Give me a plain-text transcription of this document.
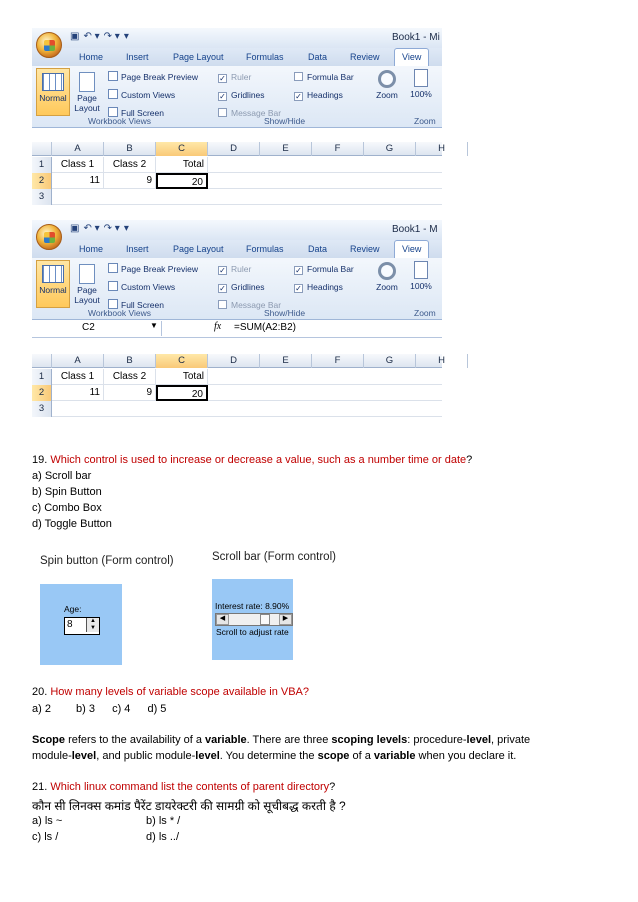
▣ ↶ ▾ ↷ ▾ ▾	Book1 - Mi
Home	Insert	Page Layout Formulas	Data	Review	View
Normal	Page
Layout
Page Break Preview
Custom Views
Full Screen
Workbook Views
✓ Ruler
✓ Gridlines
Message Bar
Formula Bar
✓ Headings
Show/Hide
Zoom	100%
Zoom
A	B	C	D	E	F	G	H
1	Class 1	Class 2	Total
2	11	9	20
3
▣ ↶ ▾ ↷ ▾ ▾	Book1 - M
Home	Insert	Page Layout Formulas	Data	Review	View
Normal	Page
Layout
Page Break Preview
Custom Views
Full Screen
Workbook Views
✓ Ruler
✓ Gridlines
Message Bar
✓ Formula Bar
✓ Headings
Show/Hide
Zoom	100%
Zoom
C2	▼	fx =SUM(A2:B2)
A	B	C	D	E	F	G	H
1	Class 1	Class 2	Total
2	11	9	20
3
19. Which control is used to increase or decrease a value, such as a number time or date?
a) Scroll bar
b) Spin Button
c) Combo Box
d) Toggle Button
Spin button (Form control)	Scroll bar (Form control)
Age:
8	▲
▼
Interest rate: 8.90%
◀	▶
Scroll to adjust rate
20. How many levels of variable scope available in VBA?
a) 2 b) 3 c) 4 d) 5
Scope refers to the availability of a variable. There are three scoping levels: procedure-level, private
module-level, and public module-level. You determine the scope of a variable when you declare it.
21. Which linux command list the contents of parent directory?
कौन सी लिनक्स कमांड पैरेंट डायरेक्टरी की सामग्री को सूचीबद्ध करती है ?
a) ls ~	b) ls * /
c) ls /	d) ls ../
